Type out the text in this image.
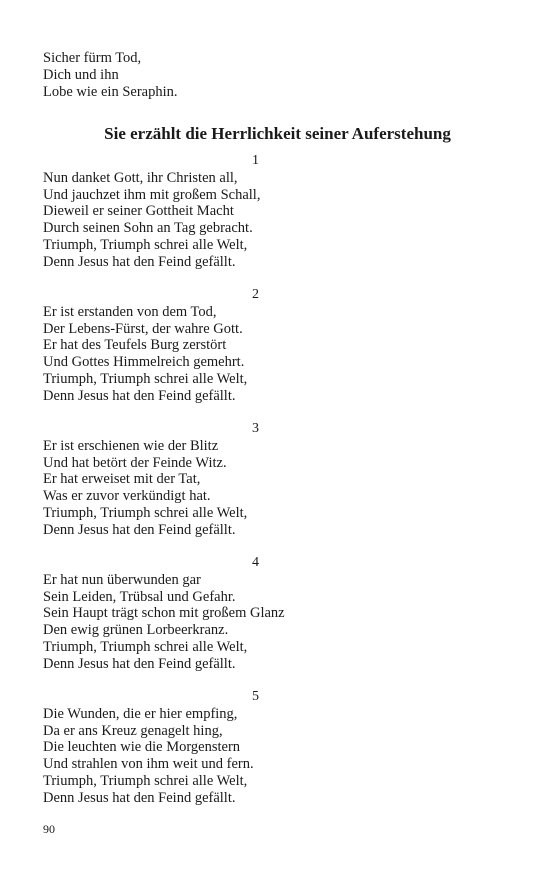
Sicher fürm Tod,
Dich und ihn
Lobe wie ein Seraphin.
Sie erzählt die Herrlichkeit seiner Auferstehung
1
Nun danket Gott, ihr Christen all,
Und jauchzet ihm mit großem Schall,
Dieweil er seiner Gottheit Macht
Durch seinen Sohn an Tag gebracht.
Triumph, Triumph schrei alle Welt,
Denn Jesus hat den Feind gefällt.
2
Er ist erstanden von dem Tod,
Der Lebens-Fürst, der wahre Gott.
Er hat des Teufels Burg zerstört
Und Gottes Himmelreich gemehrt.
Triumph, Triumph schrei alle Welt,
Denn Jesus hat den Feind gefällt.
3
Er ist erschienen wie der Blitz
Und hat betört der Feinde Witz.
Er hat erweiset mit der Tat,
Was er zuvor verkündigt hat.
Triumph, Triumph schrei alle Welt,
Denn Jesus hat den Feind gefällt.
4
Er hat nun überwunden gar
Sein Leiden, Trübsal und Gefahr.
Sein Haupt trägt schon mit großem Glanz
Den ewig grünen Lorbeerkranz.
Triumph, Triumph schrei alle Welt,
Denn Jesus hat den Feind gefällt.
5
Die Wunden, die er hier empfing,
Da er ans Kreuz genagelt hing,
Die leuchten wie die Morgenstern
Und strahlen von ihm weit und fern.
Triumph, Triumph schrei alle Welt,
Denn Jesus hat den Feind gefällt.
90
